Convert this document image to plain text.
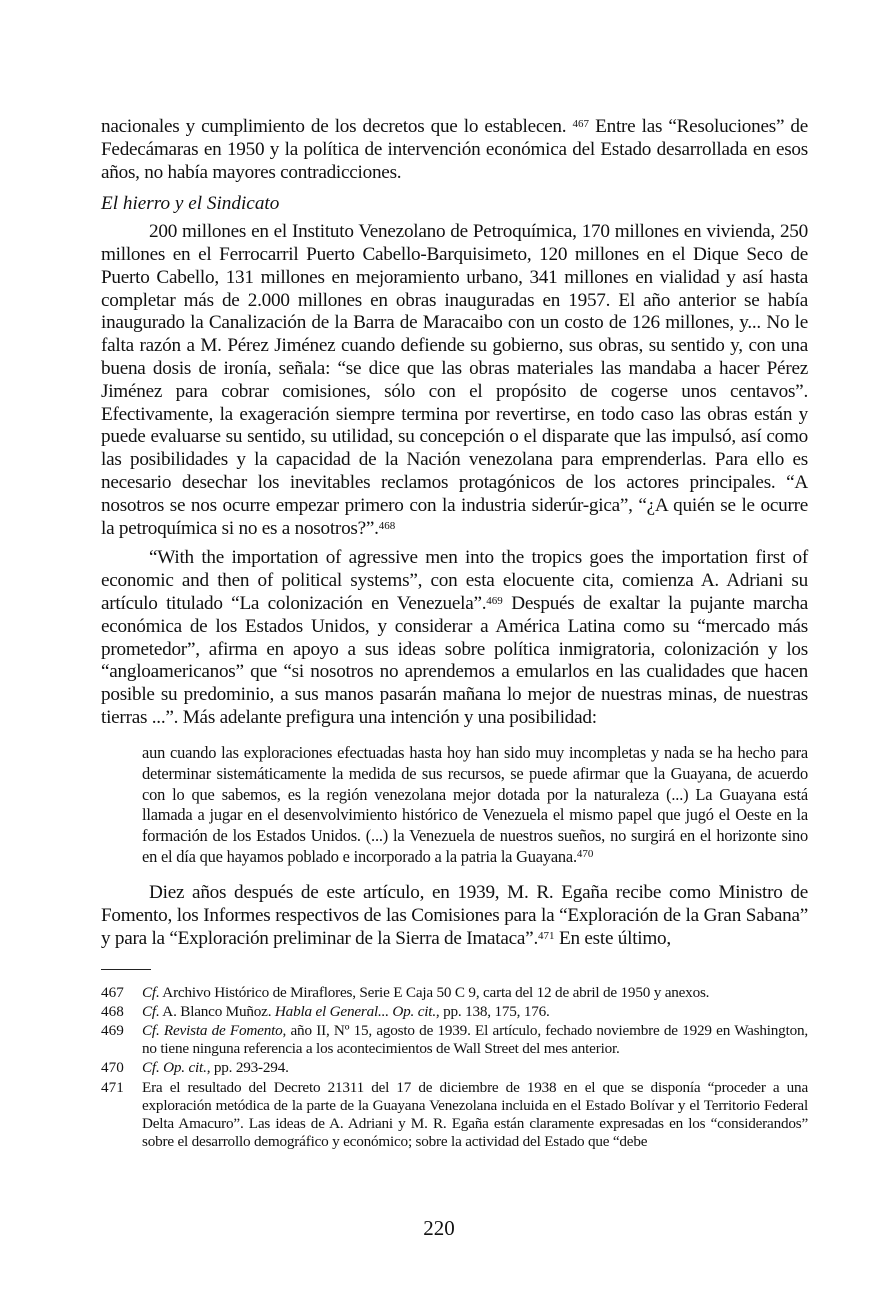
nacionales y cumplimiento de los decretos que lo establecen. $^{467}$ Entre las “Resoluciones” de Fedecámaras en 1950 y la política de intervención económica del Estado desarrollada en esos años, no había mayores contradicciones.

El hierro y el Sindicato

200 millones en el Instituto Venezolano de Petroquímica, 170 millones en vivienda, 250 millones en el Ferrocarril Puerto Cabello-Barquisimeto, 120 millones en el Dique Seco de Puerto Cabello, 131 millones en mejoramiento urbano, 341 millones en vialidad y así hasta completar más de 2.000 millones en obras inauguradas en 1957. El año anterior se había inaugurado la Canalización de la Barra de Maracaibo con un costo de 126 millones, y... No le falta razón a M. Pérez Jiménez cuando defiende su gobierno, sus obras, su sentido y, con una buena dosis de ironía, señala: “se dice que las obras materiales las mandaba a hacer Pérez Jiménez para cobrar comisiones, sólo con el propósito de cogerse unos centavos”. Efectivamente, la exageración siempre termina por revertirse, en todo caso las obras están y puede evaluarse su sentido, su utilidad, su concepción o el disparate que las impulsó, así como las posibilidades y la capacidad de la Nación venezolana para emprenderlas. Para ello es necesario desechar los inevitables reclamos protagónicos de los actores principales. “A nosotros se nos ocurre empezar primero con la industria siderúr-gica”, “¿A quién se le ocurre la petroquímica si no es a nosotros?”.$^{468}$

“With the importation of agressive men into the tropics goes the importation first of economic and then of political systems”, con esta elocuente cita, comienza A. Adriani su artículo titulado “La colonización en Venezuela”.$^{469}$ Después de exaltar la pujante marcha económica de los Estados Unidos, y considerar a América Latina como su “mercado más prometedor”, afirma en apoyo a sus ideas sobre política inmigratoria, colonización y los “angloamericanos” que “si nosotros no aprendemos a emularlos en las cualidades que hacen posible su predominio, a sus manos pasarán mañana lo mejor de nuestras minas, de nuestras tierras ...”. Más adelante prefigura una intención y una posibilidad:

aun cuando las exploraciones efectuadas hasta hoy han sido muy incompletas y nada se ha hecho para determinar sistemáticamente la medida de sus recursos, se puede afirmar que la Guayana, de acuerdo con lo que sabemos, es la región venezolana mejor dotada por la naturaleza (...) La Guayana está llamada a jugar en el desenvolvimiento histórico de Venezuela el mismo papel que jugó el Oeste en la formación de los Estados Unidos. (...) la Venezuela de nuestros sueños, no surgirá en el horizonte sino en el día que hayamos poblado e incorporado a la patria la Guayana.$^{470}$

Diez años después de este artículo, en 1939, M. R. Egaña recibe como Ministro de Fomento, los Informes respectivos de las Comisiones para la “Exploración de la Gran Sabana” y para la “Exploración preliminar de la Sierra de Imataca”.$^{471}$ En este último,

467	Cf. Archivo Histórico de Miraflores, Serie E Caja 50 C 9, carta del 12 de abril de 1950 y anexos.
468	Cf. A. Blanco Muñoz. Habla el General... Op. cit., pp. 138, 175, 176.
469	Cf. Revista de Fomento, año II, Nº 15, agosto de 1939. El artículo, fechado noviembre de 1929 en Washington, no tiene ninguna referencia a los acontecimientos de Wall Street del mes anterior.
470	Cf. Op. cit., pp. 293-294.
471	Era el resultado del Decreto 21311 del 17 de diciembre de 1938 en el que se disponía “proceder a una exploración metódica de la parte de la Guayana Venezolana incluida en el Estado Bolívar y el Territorio Federal Delta Amacuro”. Las ideas de A. Adriani y M. R. Egaña están claramente expresadas en los “considerandos” sobre el desarrollo demográfico y económico; sobre la actividad del Estado que “debe
220
